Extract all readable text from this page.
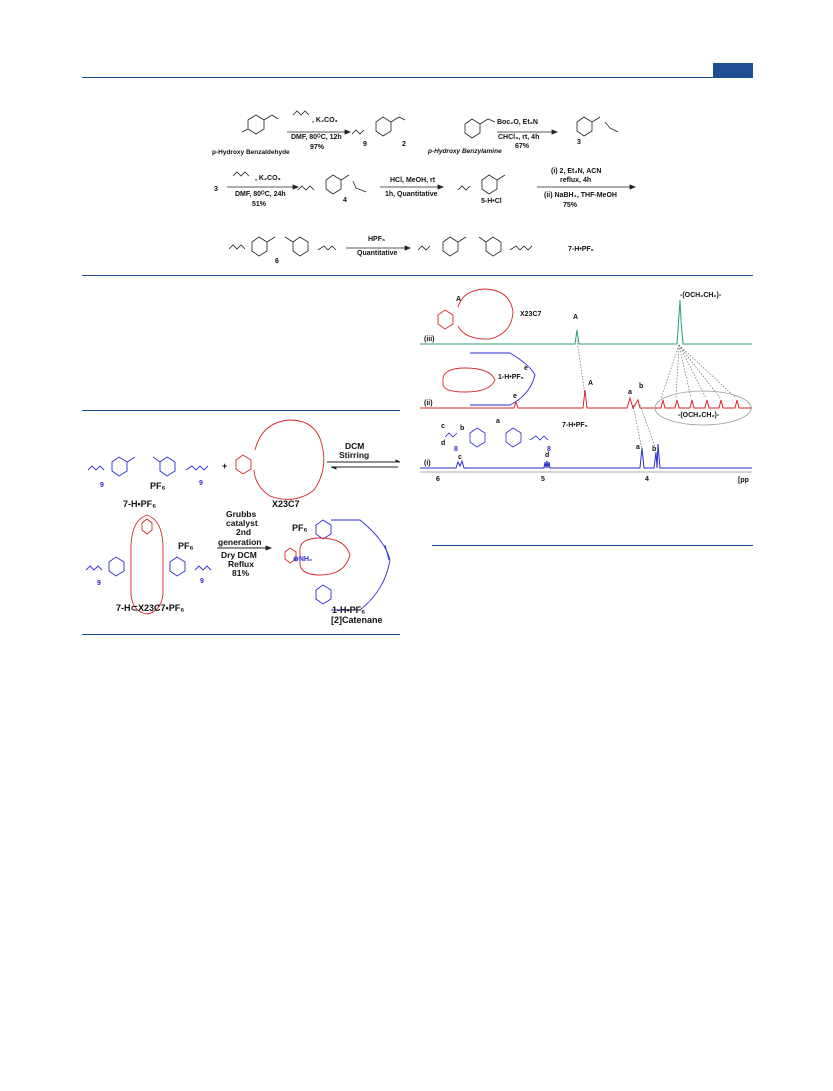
p-Hydroxy Benzaldehyde
, K₂CO₃
DMF, 80ᴼC, 12h
97%	9	2
p-Hydroxy Benzylamine
Boc₂O, Et₃N
CHCl₃, rt, 4h
67%
3
3
, K₂CO₃
DMF, 80ᴼC, 24h
51%
4
HCl, MeOH, rt
1h, Quantitative
5-H•Cl
(i) 2, Et₃N, ACN
reflux, 4h
(ii) NaBH₄, THF-MeOH
75%
6
HPF₆
Quantitative
7-H•PF₆
⊕NH₂
9	9
PF₆
7-H•PF₆
+
X23C7
DCM
Stirring
PF₆
9	9
7-H⊂X23C7•PF₆
Grubbs
catalyst
2nd
generation
Dry DCM
Reflux
81%
PF₆
1-H•PF₆
[2]Catenane
X23C7
A
A
-(OCH₂CH₂)-
(iii)
1-H•PF₆
e
A
e
a
b
-(OCH₂CH₂)-
(ii)
7-H•PF₆
c b
a
d
8	8
c	d
a b
(i)
6	5	4	[pp
